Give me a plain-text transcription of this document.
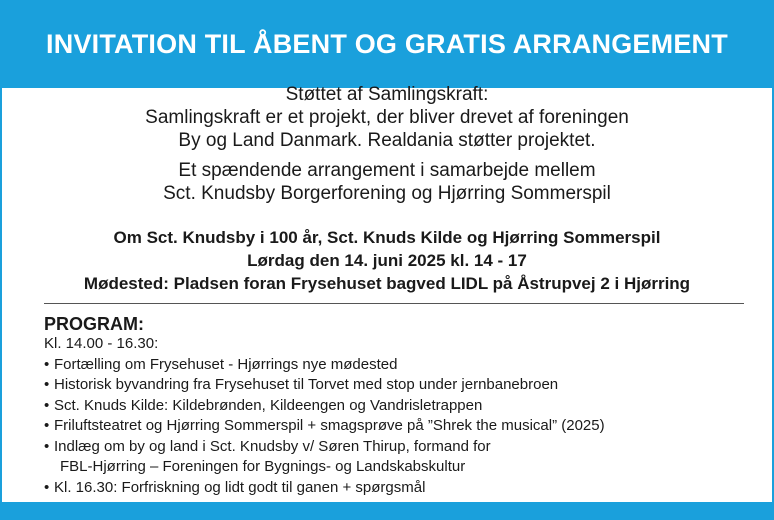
INVITATION TIL ÅBENT OG GRATIS ARRANGEMENT

Støttet af Samlingskraft:

Samlingskraft er et projekt, der bliver drevet af foreningen

By og Land Danmark. Realdania støtter projektet.

Et spændende arrangement i samarbejde mellem

Sct. Knudsby Borgerforening og Hjørring Sommerspil

Om Sct. Knudsby i 100 år, Sct. Knuds Kilde og Hjørring Sommerspil

Lørdag den 14. juni 2025 kl. 14 - 17

Mødested: Pladsen foran Frysehuset bagved LIDL på Åstrupvej 2 i Hjørring

PROGRAM:
Kl. 14.00 - 16.30:
• Fortælling om Frysehuset - Hjørrings nye mødested
• Historisk byvandring fra Frysehuset til Torvet med stop under jernbanebroen
• Sct. Knuds Kilde: Kildebrønden, Kildeengen og Vandrisletrappen
• Friluftsteatret og Hjørring Sommerspil + smagsprøve på ”Shrek the musical” (2025)
• Indlæg om by og land i Sct. Knudsby v/ Søren Thirup, formand for
FBL-Hjørring – Foreningen for Bygnings- og Landskabskultur
• Kl. 16.30: Forfriskning og lidt godt til ganen + spørgsmål
